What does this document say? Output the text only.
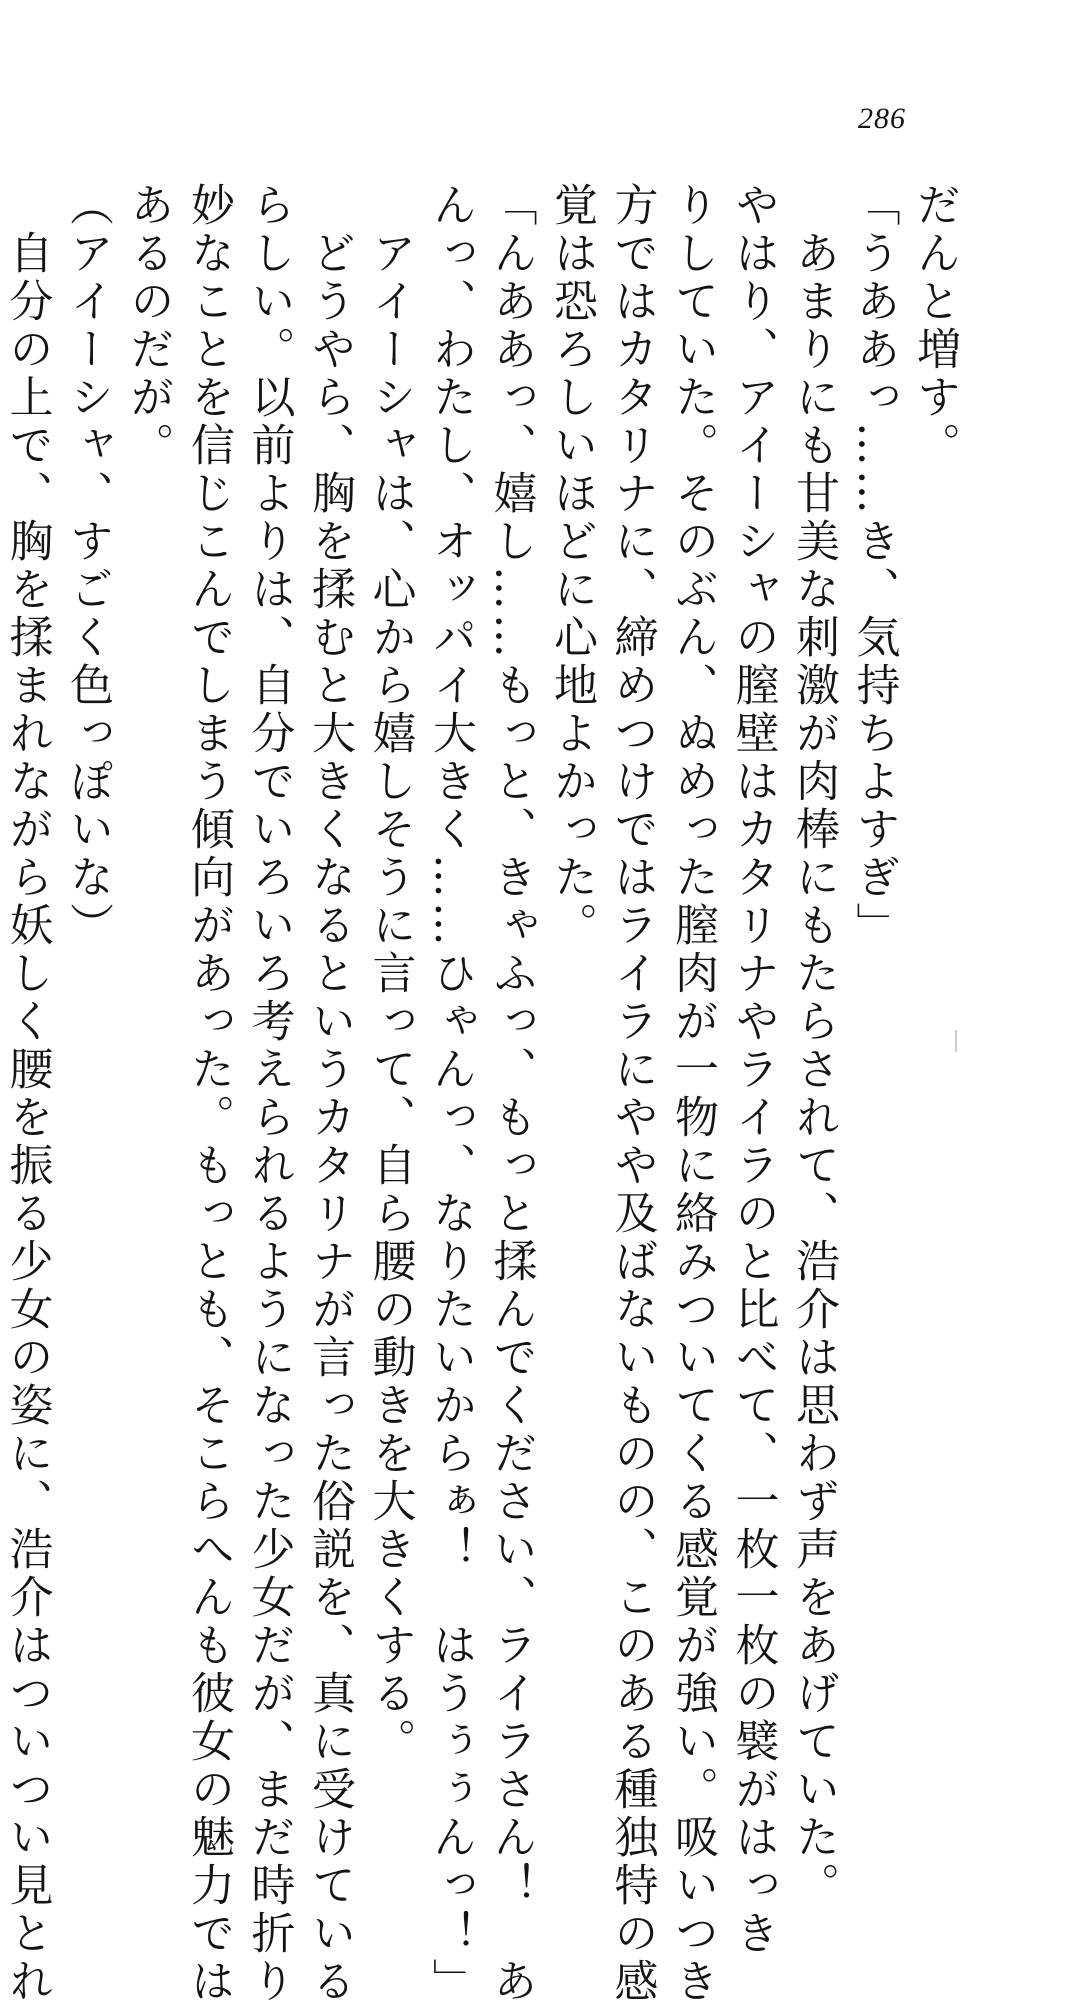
286
だんと増す。
「うああっ……き、気持ちよすぎ」
　あまりにも甘美な刺激が肉棒にもたらされて、浩介は思わず声をあげていた。
やはり、アイーシャの膣壁はカタリナやライラのと比べて、一枚一枚の襞がはっき
りしていた。そのぶん、ぬめった膣肉が一物に絡みついてくる感覚が強い。吸いつき
方ではカタリナに、締めつけではライラにやや及ばないものの、このある種独特の感
覚は恐ろしいほどに心地よかった。
「んああっ、嬉し……もっと、きゃふっ、もっと揉んでください、ライラさん！　あ
んっ、わたし、オッパイ大きく……ひゃんっ、なりたいからぁ！　はうぅぅんっ！」
　アイーシャは、心から嬉しそうに言って、自ら腰の動きを大きくする。
　どうやら、胸を揉むと大きくなるというカタリナが言った俗説を、真に受けている
らしい。以前よりは、自分でいろいろ考えられるようになった少女だが、まだ時折り
妙なことを信じこんでしまう傾向があった。もっとも、そこらへんも彼女の魅力では
あるのだが。
（アイーシャ、すごく色っぽいな）
　自分の上で、胸を揉まれながら妖しく腰を振る少女の姿に、浩介はついつい見とれ
